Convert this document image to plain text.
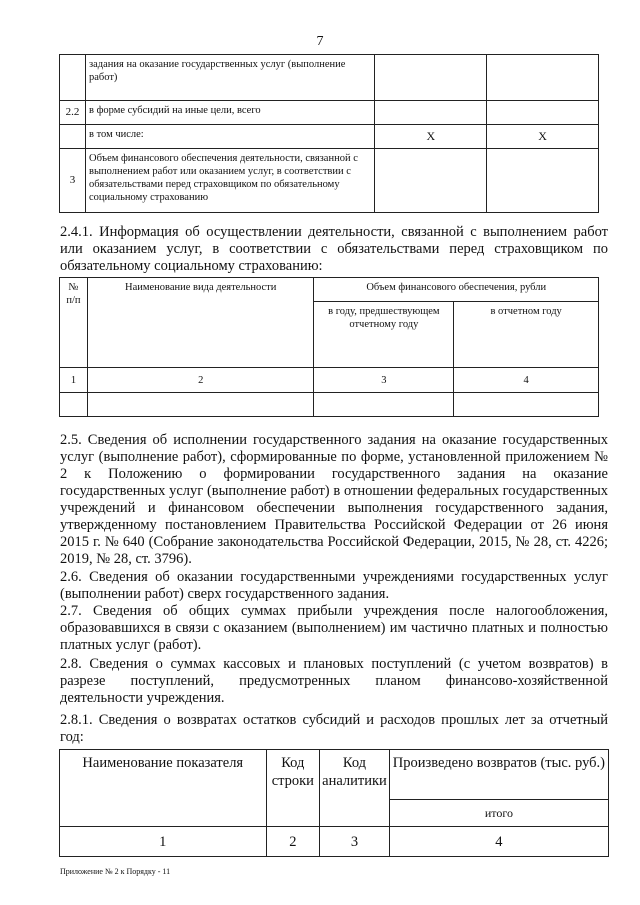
7
	задания на оказание государственных услуг (выполнение работ)		
2.2	в форме субсидий на иные цели, всего		
	в том числе:	X	X
3	Объем финансового обеспечения деятельности, связанной с выполнением работ или оказанием услуг, в соответствии с обязательствами перед страховщиком по обязательному социальному страхованию		
2.4.1. Информация об осуществлении деятельности, связанной с выполнением работ или оказанием услуг, в соответствии с обязательствами перед страховщиком по обязательному социальному страхованию:
№ п/п	Наименование вида деятельности	Объем финансового обеспечения, рубли	
		в году, предшествующем отчетному году	в отчетном году
1	2	3	4

2.5. Сведения об исполнении государственного задания на оказание государственных услуг (выполнение работ), сформированные по форме, установленной приложением № 2 к Положению о формировании государственного задания на оказание государственных услуг (выполнение работ) в отношении федеральных государственных учреждений и финансовом обеспечении выполнения государственного задания, утвержденному постановлением Правительства Российской Федерации от 26 июня 2015 г. № 640 (Собрание законодательства Российской Федерации, 2015, № 28, ст. 4226; 2019, № 28, ст. 3796).
2.6. Сведения об оказании государственными учреждениями государственных услуг (выполнении работ) сверх государственного задания.
2.7. Сведения об общих суммах прибыли учреждения после налогообложения, образовавшихся в связи с оказанием (выполнением) им частично платных и полностью платных услуг (работ).
2.8. Сведения о суммах кассовых и плановых поступлений (с учетом возвратов) в разрезе поступлений, предусмотренных планом финансово-хозяйственной деятельности учреждения.
2.8.1. Сведения о возвратах остатков субсидий и расходов прошлых лет за отчетный год:
Наименование показателя	Код строки	Код аналитики	Произведено возвратов (тыс. руб.)
			итого
1	2	3	4
Приложение № 2 к Порядку - 11
